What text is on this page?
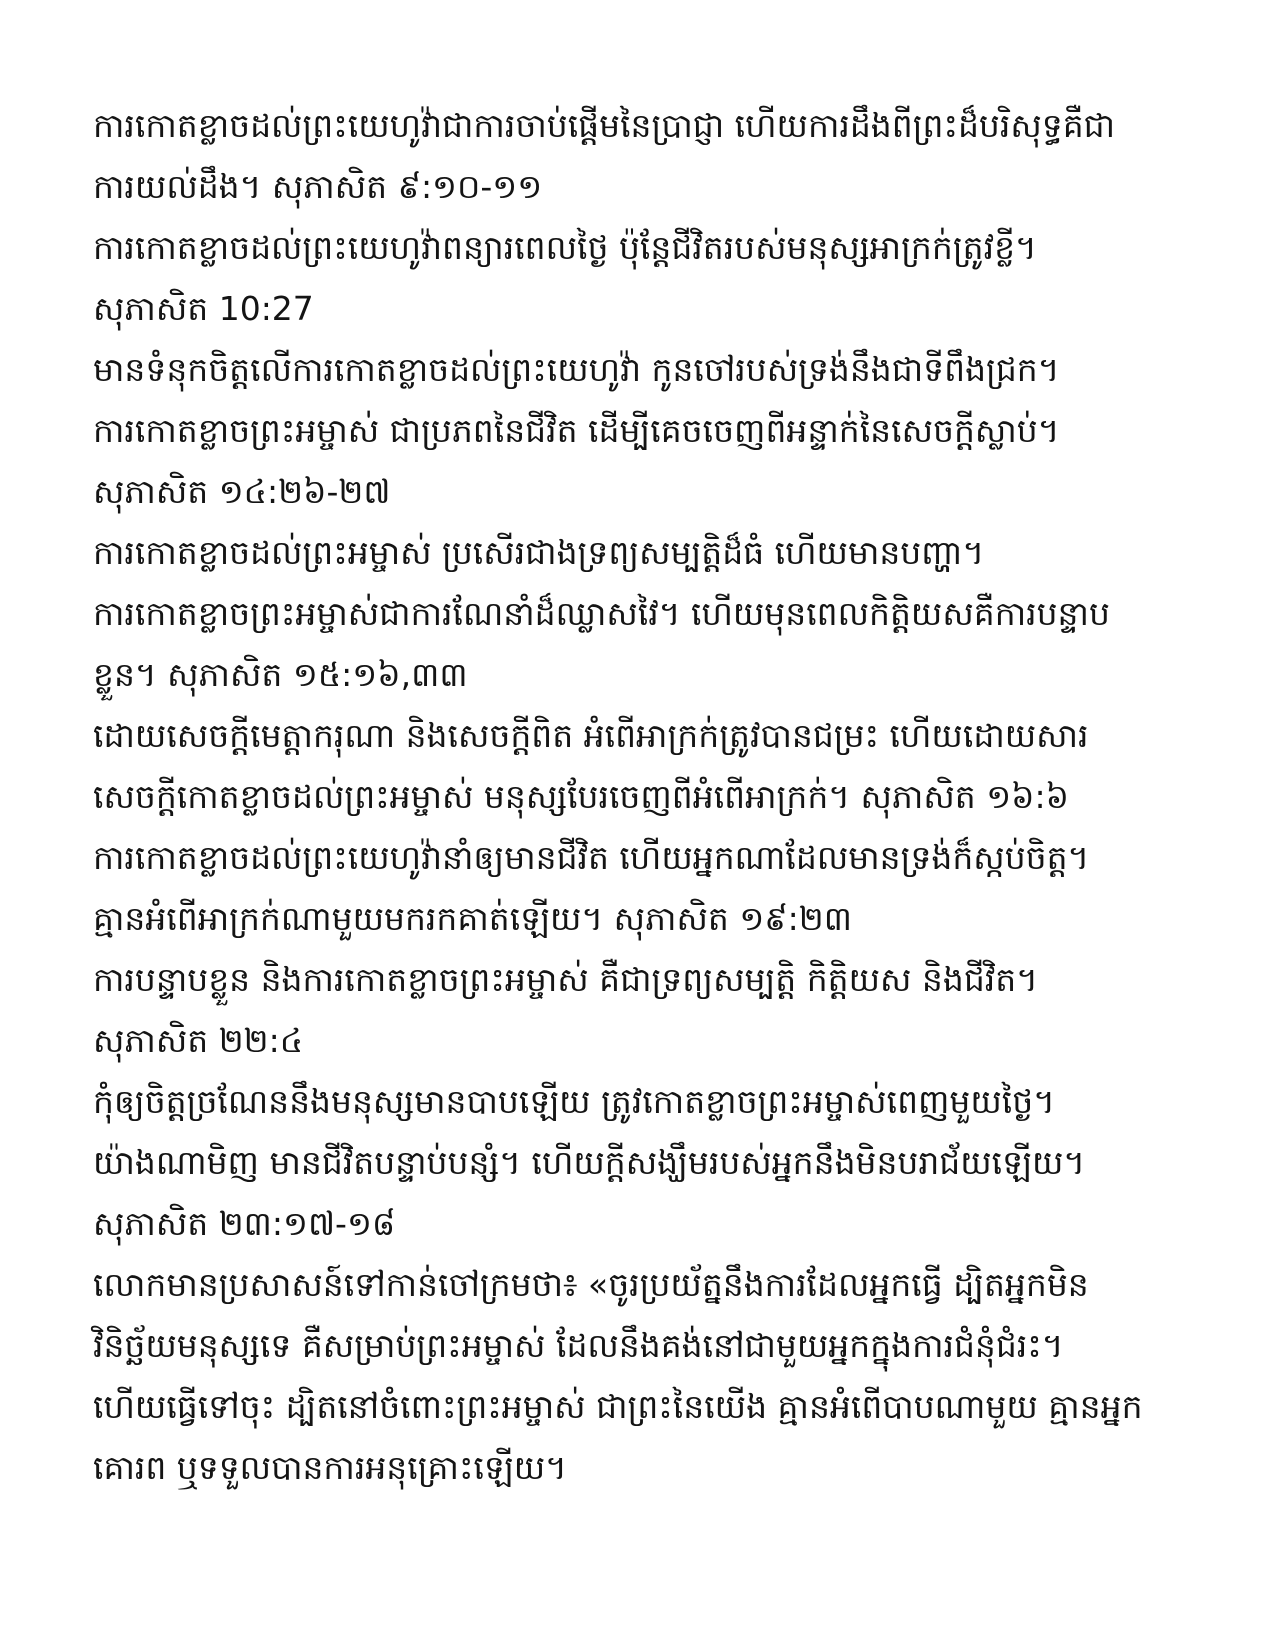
ការកោតខ្លាចដល់ព្រះយេហូវ៉ាជាការចាប់ផ្តើមនៃប្រាជ្ញា ហើយការដឹងពីព្រះដ៏បរិសុទ្ធគឺជា
ការយល់ដឹង។ សុភាសិត ៩:១០-១១
ការកោតខ្លាចដល់ព្រះយេហូវ៉ាពន្យារពេលថ្ងៃ ប៉ុន្តែជីវិតរបស់មនុស្សអាក្រក់ត្រូវខ្លី។
សុភាសិត 10:27
មានទំនុកចិត្តលើការកោតខ្លាចដល់ព្រះយេហូវ៉ា កូនចៅរបស់ទ្រង់នឹងជាទីពឹងជ្រក។
ការកោតខ្លាចព្រះអម្ចាស់ ជាប្រភពនៃជីវិត ដើម្បីគេចចេញពីអន្ទាក់នៃសេចក្តីស្លាប់។
សុភាសិត ១៤:២៦-២៧
ការកោតខ្លាចដល់ព្រះអម្ចាស់ ប្រសើរជាងទ្រព្យសម្បត្តិដ៏ធំ ហើយមានបញ្ហា។
ការកោតខ្លាចព្រះអម្ចាស់ជាការណែនាំដ៏ឈ្លាសវៃ។ ហើយមុនពេលកិត្តិយសគឺការបន្ទាប
ខ្លួន។ សុភាសិត ១៥:១៦,៣៣
ដោយសេចក្តីមេត្តាករុណា និងសេចក្តីពិត អំពើអាក្រក់ត្រូវបានជម្រះ ហើយដោយសារ
សេចក្តីកោតខ្លាចដល់ព្រះអម្ចាស់ មនុស្សបែរចេញពីអំពើអាក្រក់។ សុភាសិត ១៦:៦
ការកោតខ្លាចដល់ព្រះយេហូវ៉ានាំឲ្យមានជីវិត ហើយអ្នកណាដែលមានទ្រង់ក៏ស្កប់ចិត្ត។
គ្មានអំពើអាក្រក់ណាមួយមករកគាត់ឡើយ។ សុភាសិត ១៩:២៣
ការបន្ទាបខ្លួន និងការកោតខ្លាចព្រះអម្ចាស់ គឺជាទ្រព្យសម្បត្តិ កិត្តិយស និងជីវិត។
សុភាសិត ២២:៤
កុំឲ្យចិត្តច្រណែននឹងមនុស្សមានបាបឡើយ ត្រូវកោតខ្លាចព្រះអម្ចាស់ពេញមួយថ្ងៃ។
យ៉ាងណាមិញ មានជីវិតបន្ទាប់បន្សំ។ ហើយក្តីសង្ឃឹមរបស់អ្នកនឹងមិនបរាជ័យឡើយ។
សុភាសិត ២៣:១៧-១៨
លោកមានប្រសាសន៍ទៅកាន់ចៅក្រមថា៖ «ចូរប្រយ័ត្ននឹងការដែលអ្នកធ្វើ ដ្បិតអ្នកមិន
វិនិច្ឆ័យមនុស្សទេ គឺសម្រាប់ព្រះអម្ចាស់ ដែលនឹងគង់នៅជាមួយអ្នកក្នុងការជំនុំជំរះ។
ហើយធ្វើទៅចុះ ដ្បិតនៅចំពោះព្រះអម្ចាស់ ជាព្រះនៃយើង គ្មានអំពើបាបណាមួយ គ្មានអ្នក
គោរព ឬទទួលបានការអនុគ្រោះឡើយ។
